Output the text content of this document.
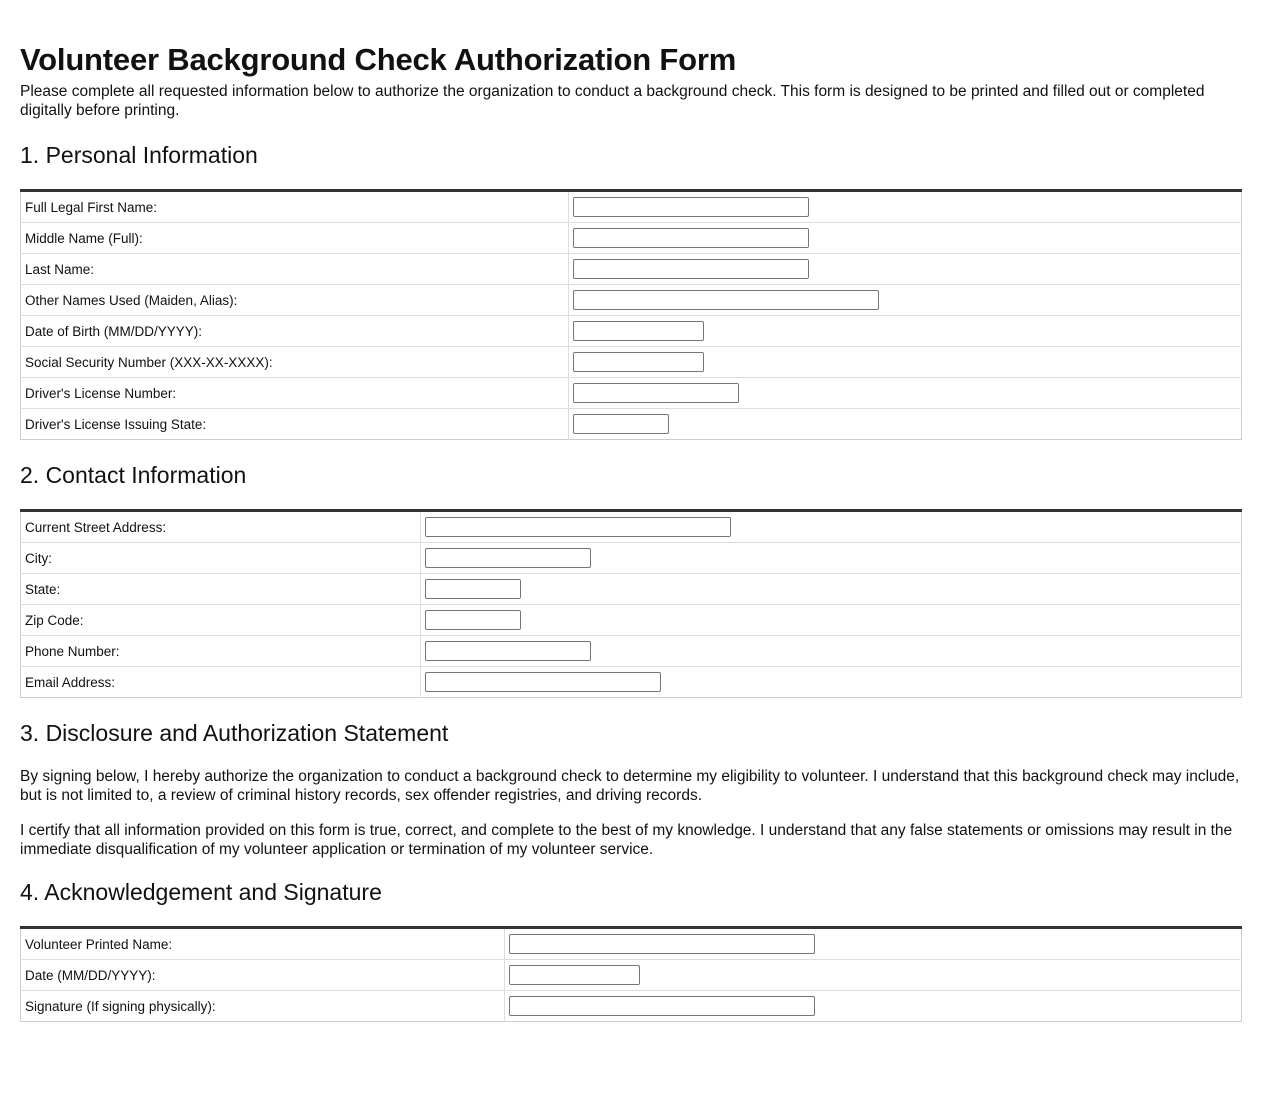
Volunteer Background Check Authorization Form

Please complete all requested information below to authorize the organization to conduct a background check. This form is designed to be printed and filled out or completed digitally before printing.

1. Personal Information
Full Legal First Name:	

Middle Name (Full):	

Last Name:	

Other Names Used (Maiden, Alias):	

Date of Birth (MM/DD/YYYY):	

Social Security Number (XXX-XX-XXXX):	

Driver's License Number:	

Driver's License Issuing State:	
2. Contact Information
Current Street Address:	

City:	

State:	

Zip Code:	

Phone Number:	

Email Address:	
3. Disclosure and Authorization Statement

By signing below, I hereby authorize the organization to conduct a background check to determine my eligibility to volunteer. I understand that this background check may include, but is not limited to, a review of criminal history records, sex offender registries, and driving records.

I certify that all information provided on this form is true, correct, and complete to the best of my knowledge. I understand that any false statements or omissions may result in the immediate disqualification of my volunteer application or termination of my volunteer service.

4. Acknowledgement and Signature
Volunteer Printed Name:	

Date (MM/DD/YYYY):	

Signature (If signing physically):	
